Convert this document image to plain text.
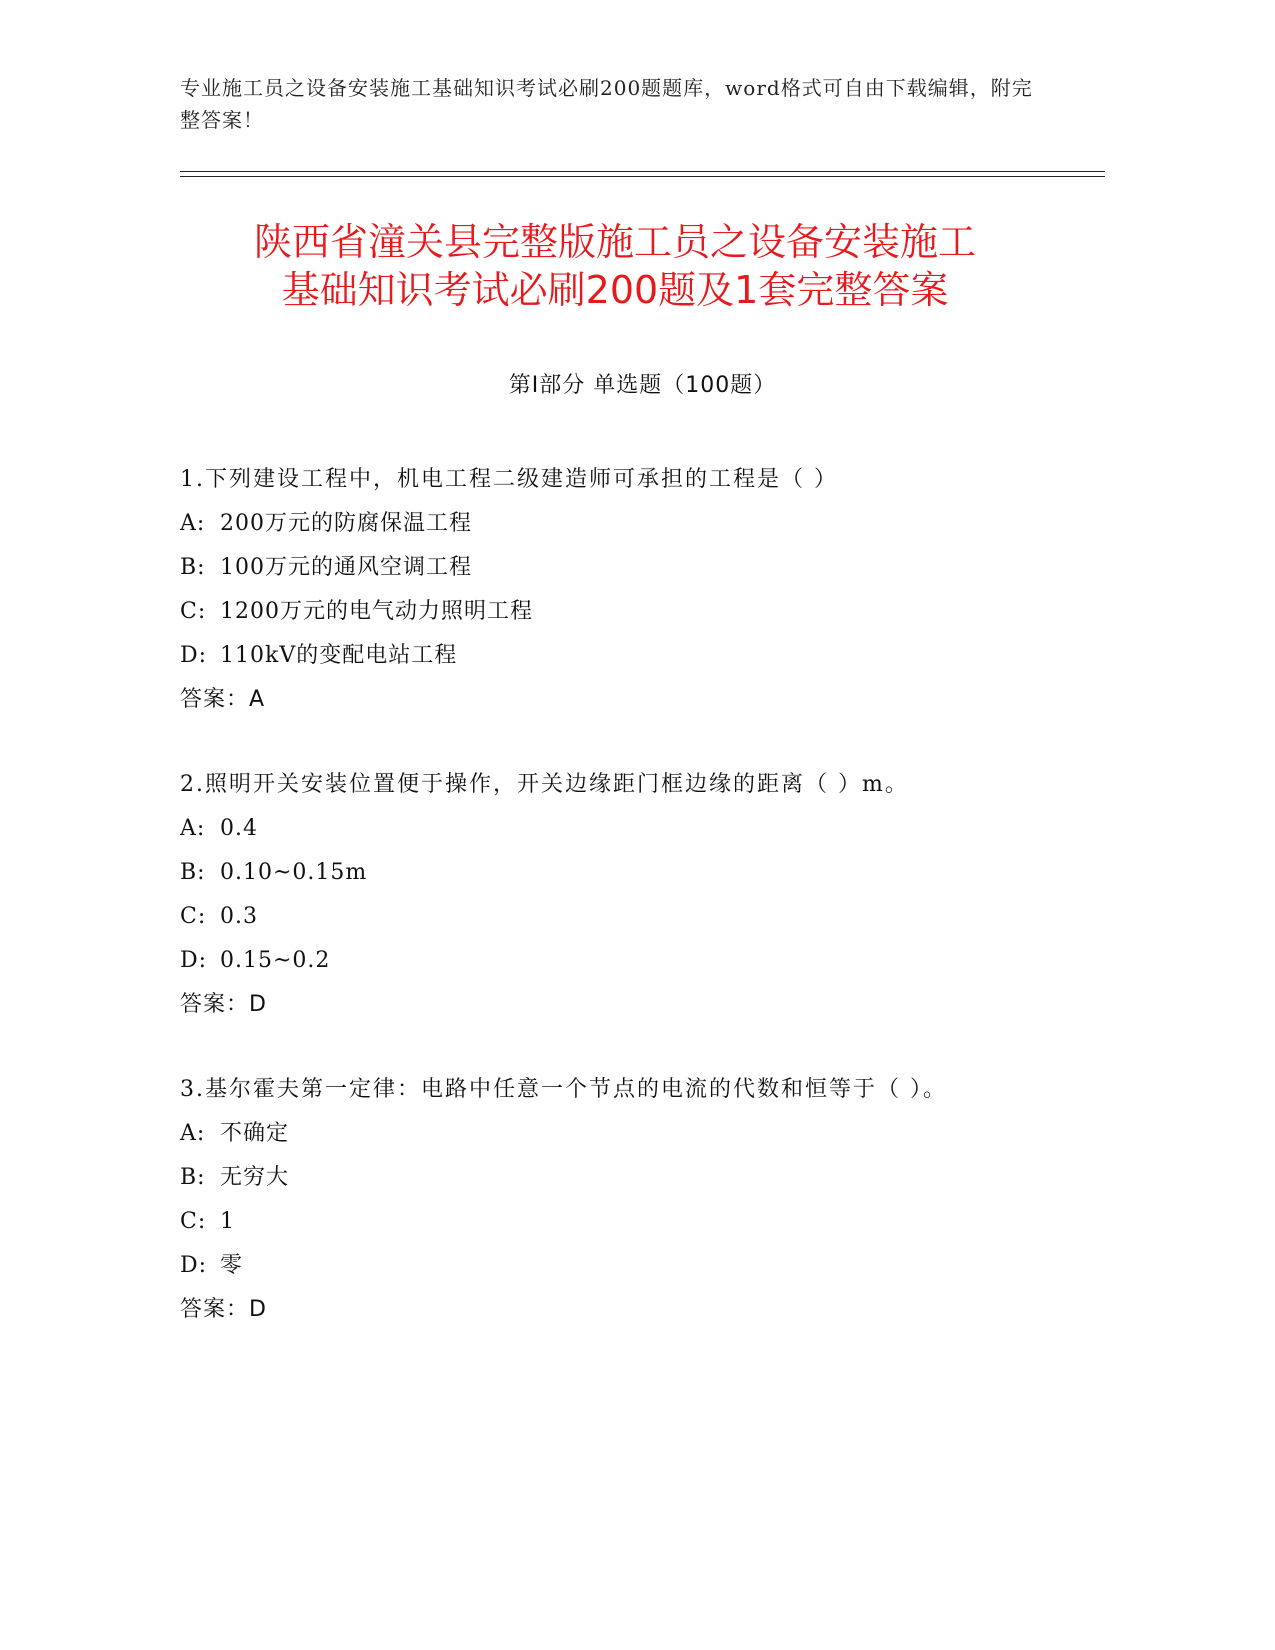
专业施工员之设备安装施工基础知识考试必刷200题题库，word格式可自由下载编辑，附完整答案！
陕西省潼关县完整版施工员之设备安装施工
基础知识考试必刷200题及1套完整答案
第I部分 单选题（100题）

1.下列建设工程中，机电工程二级建造师可承担的工程是（ ）

A: 200万元的防腐保温工程

B: 100万元的通风空调工程

C: 1200万元的电气动力照明工程

D: 110kV的变配电站工程

答案：A

2.照明开关安装位置便于操作，开关边缘距门框边缘的距离（ ）m。

A: 0.4

B: 0.10~0.15m

C: 0.3

D: 0.15~0.2

答案：D

3.基尔霍夫第一定律：电路中任意一个节点的电流的代数和恒等于（ ）。

A: 不确定

B: 无穷大

C: 1

D: 零

答案：D
